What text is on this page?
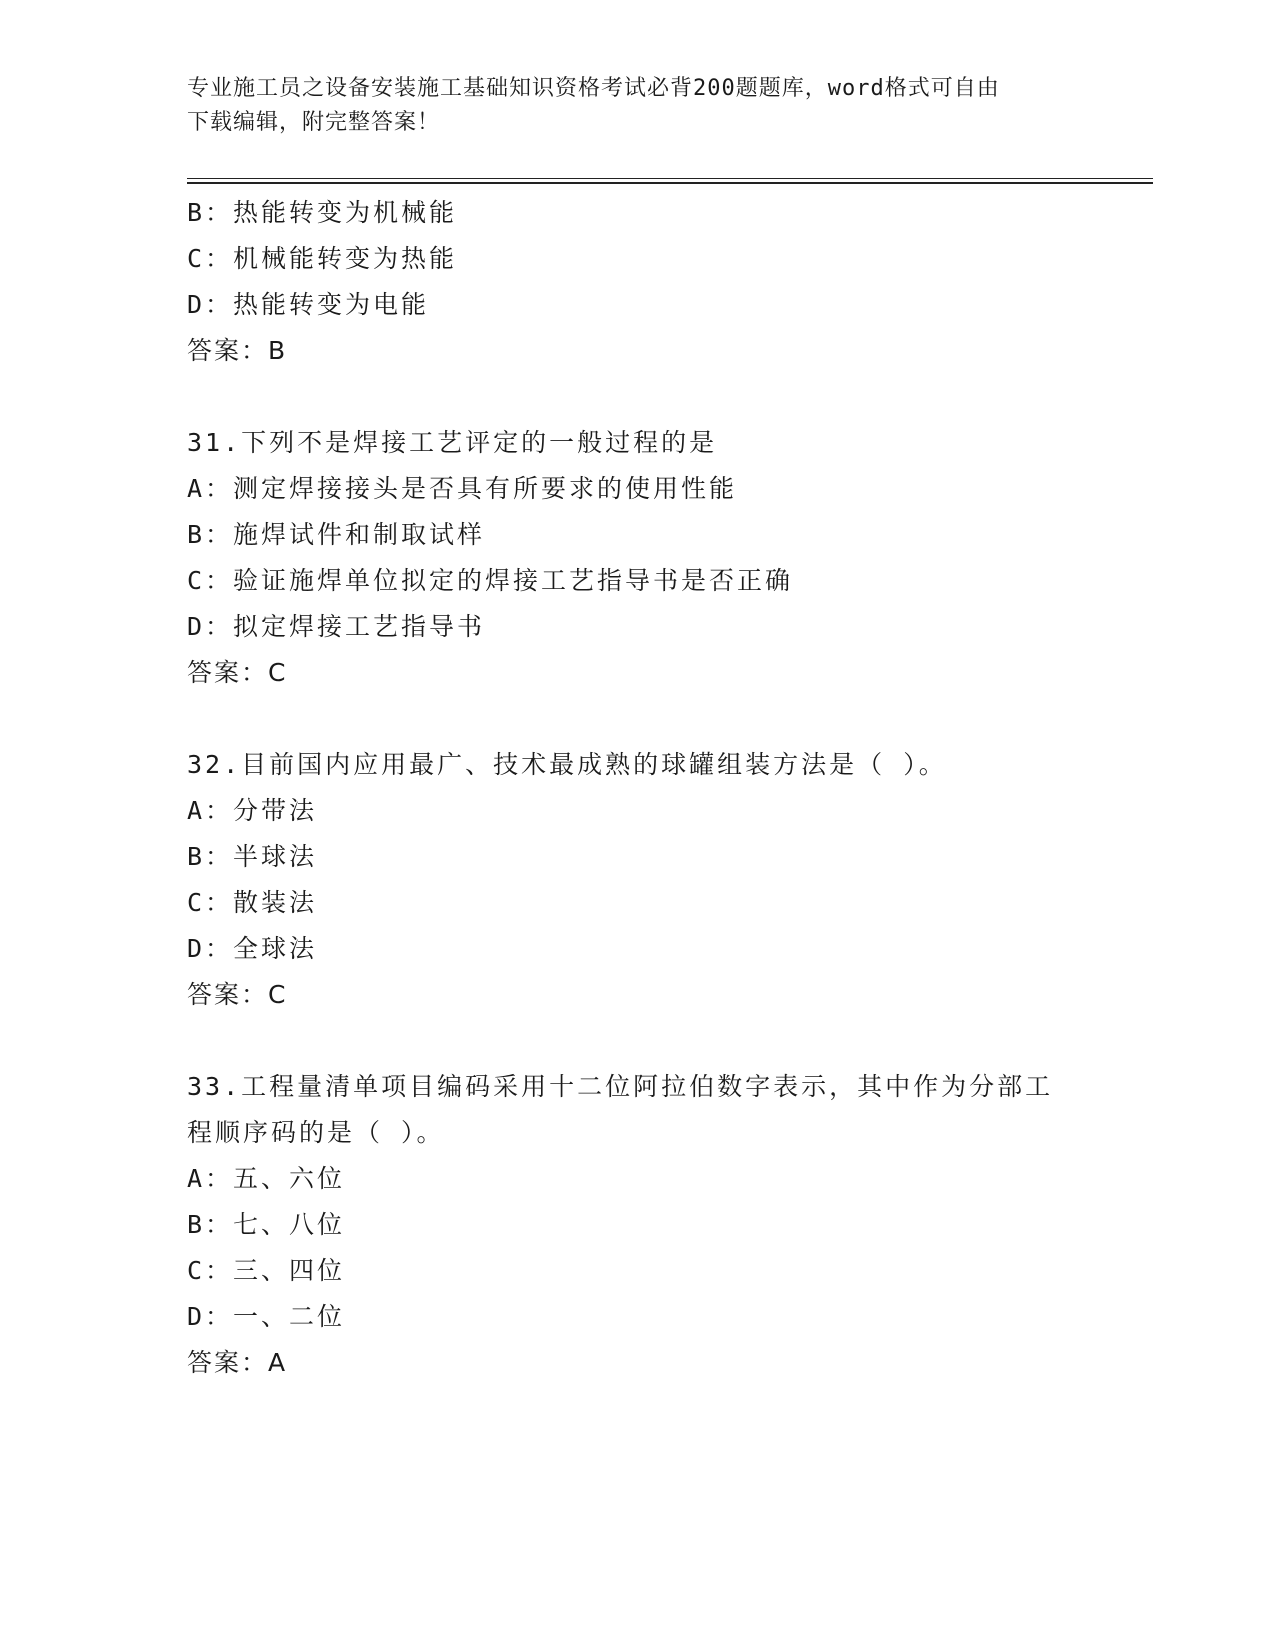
专业施工员之设备安装施工基础知识资格考试必背200题题库，word格式可自由
下载编辑，附完整答案！
B：热能转变为机械能
C：机械能转变为热能
D：热能转变为电能
答案：B
31.下列不是焊接工艺评定的一般过程的是
A：测定焊接接头是否具有所要求的使用性能
B：施焊试件和制取试样
C：验证施焊单位拟定的焊接工艺指导书是否正确
D：拟定焊接工艺指导书
答案：C
32.目前国内应用最广、技术最成熟的球罐组装方法是（ ）。
A：分带法
B：半球法
C：散装法
D：全球法
答案：C
33.工程量清单项目编码采用十二位阿拉伯数字表示，其中作为分部工
程顺序码的是（ ）。
A：五、六位
B：七、八位
C：三、四位
D：一、二位
答案：A
